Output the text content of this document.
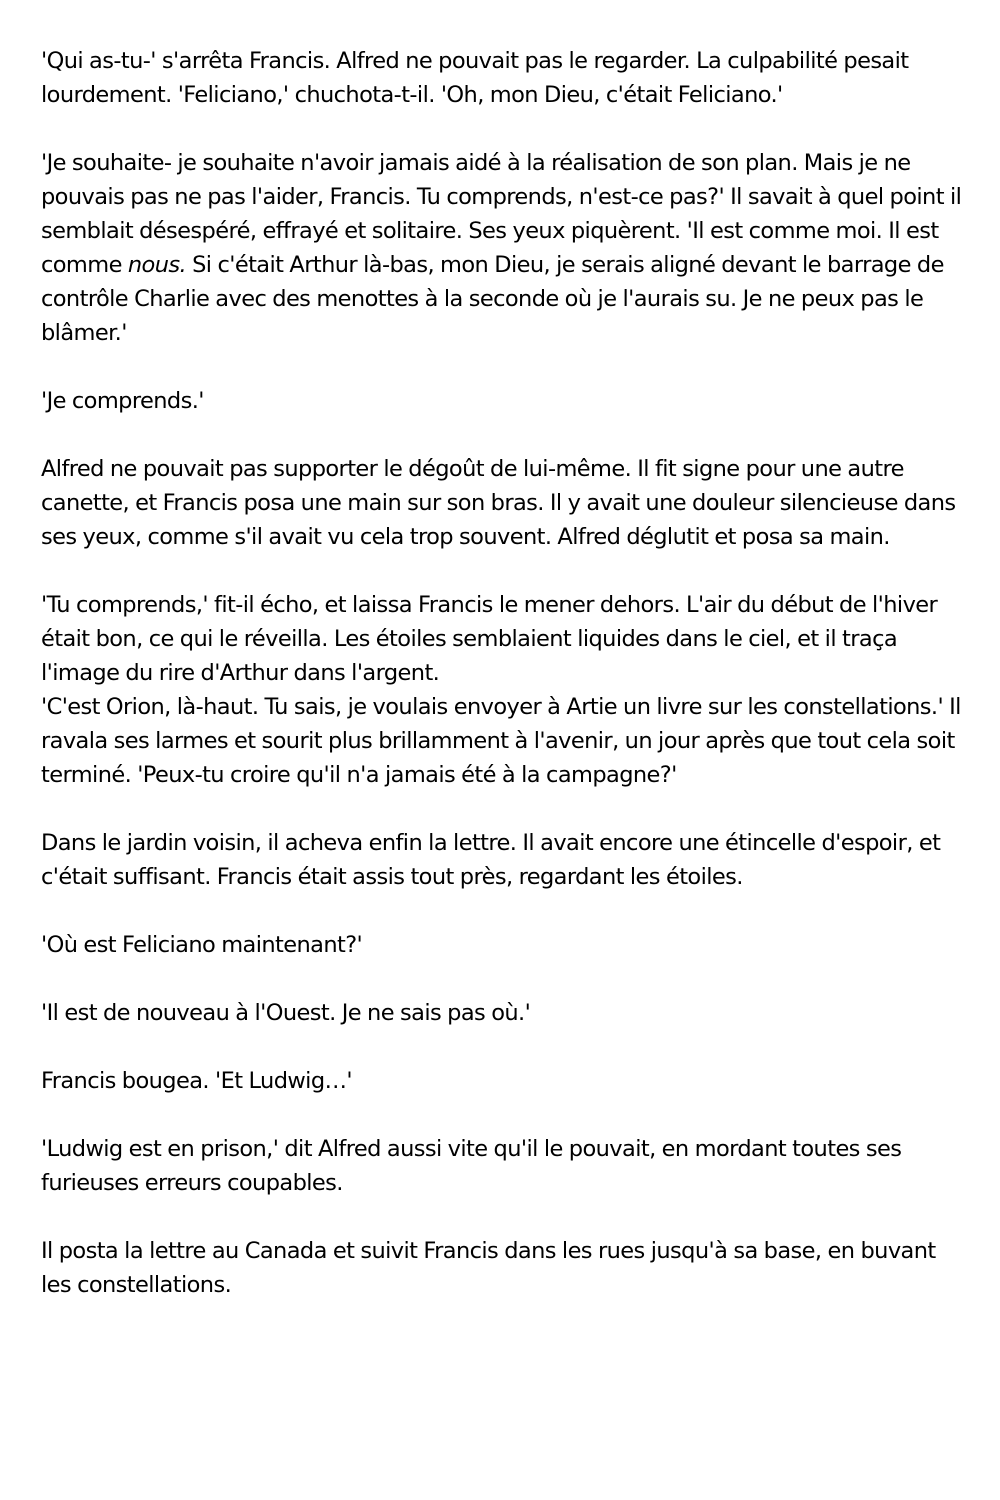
'Qui as-tu-' s'arrêta Francis. Alfred ne pouvait pas le regarder. La culpabilité pesait lourdement. 'Feliciano,' chuchota-t-il. 'Oh, mon Dieu, c'était Feliciano.'

'Je souhaite- je souhaite n'avoir jamais aidé à la réalisation de son plan. Mais je ne pouvais pas ne pas l'aider, Francis. Tu comprends, n'est-ce pas?' Il savait à quel point il semblait désespéré, effrayé et solitaire. Ses yeux piquèrent. 'Il est comme moi. Il est comme nous. Si c'était Arthur là-bas, mon Dieu, je serais aligné devant le barrage de contrôle Charlie avec des menottes à la seconde où je l'aurais su. Je ne peux pas le blâmer.'

'Je comprends.'

Alfred ne pouvait pas supporter le dégoût de lui-même. Il fit signe pour une autre canette, et Francis posa une main sur son bras. Il y avait une douleur silencieuse dans ses yeux, comme s'il avait vu cela trop souvent. Alfred déglutit et posa sa main.

'Tu comprends,' fit-il écho, et laissa Francis le mener dehors. L'air du début de l'hiver était bon, ce qui le réveilla. Les étoiles semblaient liquides dans le ciel, et il traça l'image du rire d'Arthur dans l'argent.

'C'est Orion, là-haut. Tu sais, je voulais envoyer à Artie un livre sur les constellations.' Il ravala ses larmes et sourit plus brillamment à l'avenir, un jour après que tout cela soit terminé. 'Peux-tu croire qu'il n'a jamais été à la campagne?'

Dans le jardin voisin, il acheva enfin la lettre. Il avait encore une étincelle d'espoir, et c'était suffisant. Francis était assis tout près, regardant les étoiles.

'Où est Feliciano maintenant?'

'Il est de nouveau à l'Ouest. Je ne sais pas où.'

Francis bougea. 'Et Ludwig…'

'Ludwig est en prison,' dit Alfred aussi vite qu'il le pouvait, en mordant toutes ses furieuses erreurs coupables.

Il posta la lettre au Canada et suivit Francis dans les rues jusqu'à sa base, en buvant les constellations.
